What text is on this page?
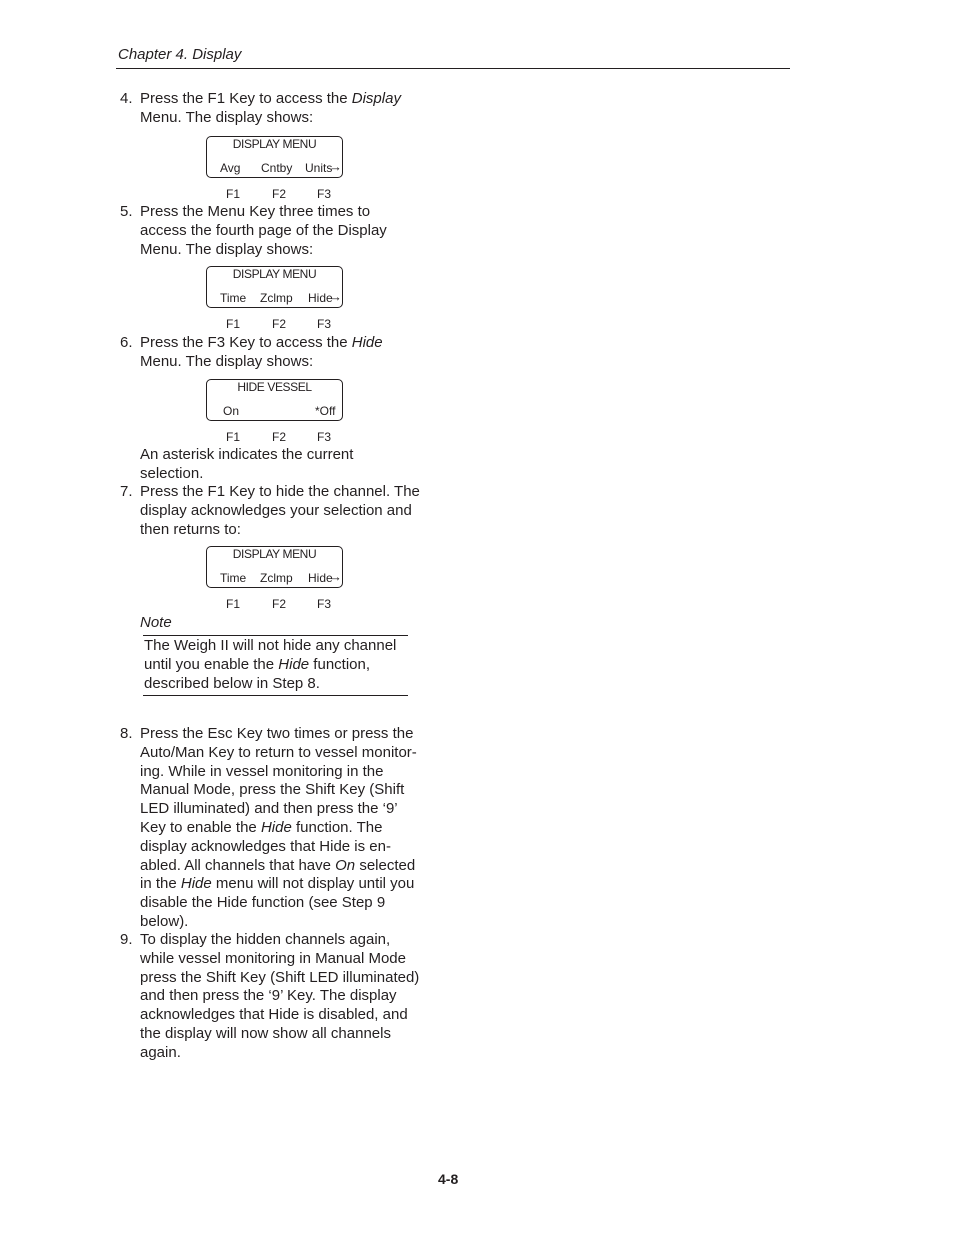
Chapter 4. Display
4. Press the F1 Key to access the Display
Menu. The display shows:
DISPLAY MENU
Avg Cntby Units
→
F1	F2	F3
5. Press the Menu Key three times to
access the fourth page of the Display
Menu. The display shows:
DISPLAY MENU
Time Zclmp Hide
→
F1	F2	F3
6. Press the F3 Key to access the Hide
Menu. The display shows:
HIDE VESSEL
On	*Off
F1	F2	F3
An asterisk indicates the current
selection.
7. Press the F1 Key to hide the channel. The
display acknowledges your selection and
then returns to:
DISPLAY MENU
Time Zclmp Hide
→
F1	F2	F3
Note
The Weigh II will not hide any channel
until you enable the Hide function,
described below in Step 8.
8. Press the Esc Key two times or press the
Auto/Man Key to return to vessel monitor-
ing. While in vessel monitoring in the
Manual Mode, press the Shift Key (Shift
LED illuminated) and then press the ‘9’
Key to enable the Hide function. The
display acknowledges that Hide is en-
abled. All channels that have On selected
in the Hide menu will not display until you
disable the Hide function (see Step 9
below).
9. To display the hidden channels again,
while vessel monitoring in Manual Mode
press the Shift Key (Shift LED illuminated)
and then press the ‘9’ Key. The display
acknowledges that Hide is disabled, and
the display will now show all channels
again.
4-8
